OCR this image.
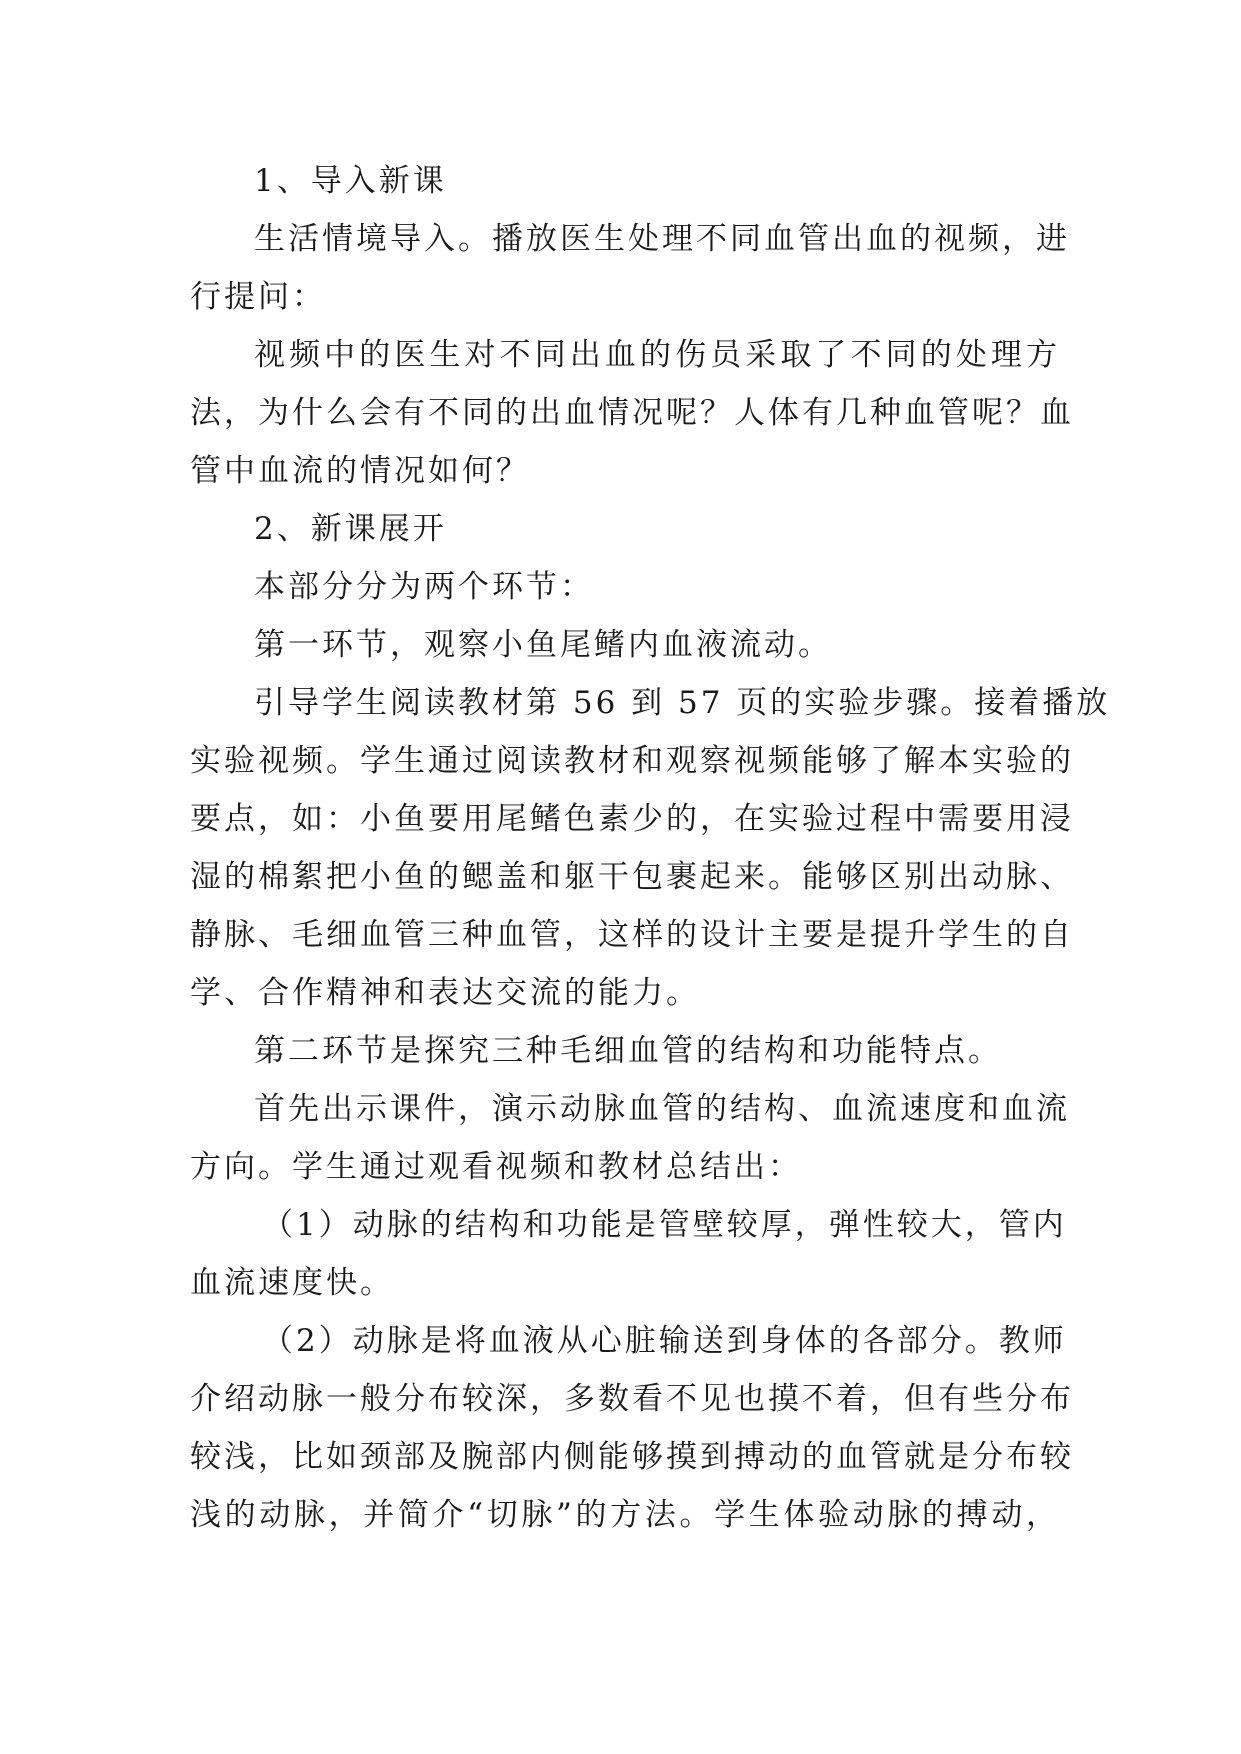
1、导入新课

生活情境导入。播放医生处理不同血管出血的视频，进
行提问：

视频中的医生对不同出血的伤员采取了不同的处理方
法，为什么会有不同的出血情况呢？人体有几种血管呢？血
管中血流的情况如何？

2、新课展开

本部分分为两个环节：

第一环节，观察小鱼尾鳍内血液流动。

引导学生阅读教材第 56 到 57 页的实验步骤。接着播放
实验视频。学生通过阅读教材和观察视频能够了解本实验的
要点，如：小鱼要用尾鳍色素少的，在实验过程中需要用浸
湿的棉絮把小鱼的鳃盖和躯干包裹起来。能够区别出动脉、
静脉、毛细血管三种血管，这样的设计主要是提升学生的自
学、合作精神和表达交流的能力。

第二环节是探究三种毛细血管的结构和功能特点。

首先出示课件，演示动脉血管的结构、血流速度和血流
方向。学生通过观看视频和教材总结出：

（1）动脉的结构和功能是管壁较厚，弹性较大，管内
血流速度快。

（2）动脉是将血液从心脏输送到身体的各部分。教师
介绍动脉一般分布较深，多数看不见也摸不着，但有些分布
较浅，比如颈部及腕部内侧能够摸到搏动的血管就是分布较
浅的动脉，并简介“切脉”的方法。学生体验动脉的搏动，
